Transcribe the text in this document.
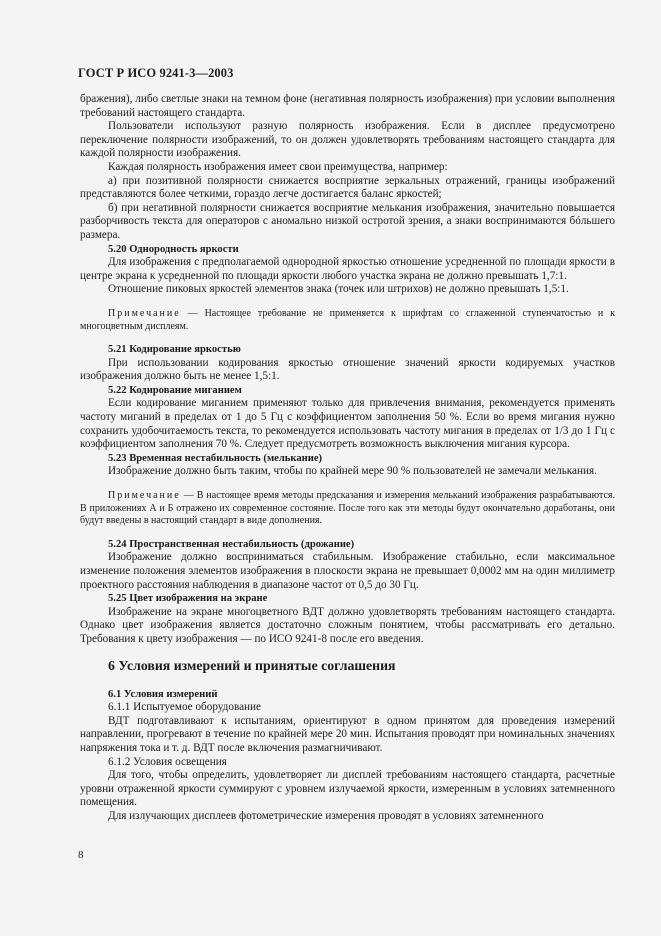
ГОСТ Р ИСО 9241-3—2003

бражения), либо светлые знаки на темном фоне (негативная полярность изображения) при условии выполнения требований настоящего стандарта.

Пользователи используют разную полярность изображения. Если в дисплее предусмотрено переключение полярности изображений, то он должен удовлетворять требованиям настоящего стандарта для каждой полярности изображения.

Каждая полярность изображения имеет свои преимущества, например:

а) при позитивной полярности снижается восприятие зеркальных отражений, границы изображений представляются более четкими, гораздо легче достигается баланс яркостей;

б) при негативной полярности снижается восприятие мелькания изображения, значительно повышается разборчивость текста для операторов с аномально низкой остротой зрения, а знаки воспринимаются бóльшего размера.

5.20 Однородность яркости

Для изображения с предполагаемой однородной яркостью отношение усредненной по площади яркости в центре экрана к усредненной по площади яркости любого участка экрана не должно превышать 1,7:1.

Отношение пиковых яркостей элементов знака (точек или штрихов) не должно превышать 1,5:1.

Примечание — Настоящее требование не применяется к шрифтам со сглаженной ступенчатостью и к многоцветным дисплеям.

5.21 Кодирование яркостью

При использовании кодирования яркостью отношение значений яркости кодируемых участков изображения должно быть не менее 1,5:1.

5.22 Кодирование миганием

Если кодирование миганием применяют только для привлечения внимания, рекомендуется применять частоту миганий в пределах от 1 до 5 Гц с коэффициентом заполнения 50 %. Если во время мигания нужно сохранить удобочитаемость текста, то рекомендуется использовать частоту мигания в пределах от 1/3 до 1 Гц с коэффициентом заполнения 70 %. Следует предусмотреть возможность выключения мигания курсора.

5.23 Временная нестабильность (мелькание)

Изображение должно быть таким, чтобы по крайней мере 90 % пользователей не замечали мелькания.

Примечание — В настоящее время методы предсказания и измерения мельканий изображения разрабатываются. В приложениях А и Б отражено их современное состояние. После того как эти методы будут окончательно доработаны, они будут введены в настоящий стандарт в виде дополнения.

5.24 Пространственная нестабильность (дрожание)

Изображение должно восприниматься стабильным. Изображение стабильно, если максимальное изменение положения элементов изображения в плоскости экрана не превышает 0,0002 мм на один миллиметр проектного расстояния наблюдения в диапазоне частот от 0,5 до 30 Гц.

5.25 Цвет изображения на экране

Изображение на экране многоцветного ВДТ должно удовлетворять требованиям настоящего стандарта. Однако цвет изображения является достаточно сложным понятием, чтобы рассматривать его детально. Требования к цвету изображения — по ИСО 9241-8 после его введения.

6 Условия измерений и принятые соглашения

6.1 Условия измерений

6.1.1 Испытуемое оборудование

ВДТ подготавливают к испытаниям, ориентируют в одном принятом для проведения измерений направлении, прогревают в течение по крайней мере 20 мин. Испытания проводят при номинальных значениях напряжения тока и т. д. ВДТ после включения размагничивают.

6.1.2 Условия освещения

Для того, чтобы определить, удовлетворяет ли дисплей требованиям настоящего стандарта, расчетные уровни отраженной яркости суммируют с уровнем излучаемой яркости, измеренным в условиях затемненного помещения.

Для излучающих дисплеев фотометрические измерения проводят в условиях затемненного

8
